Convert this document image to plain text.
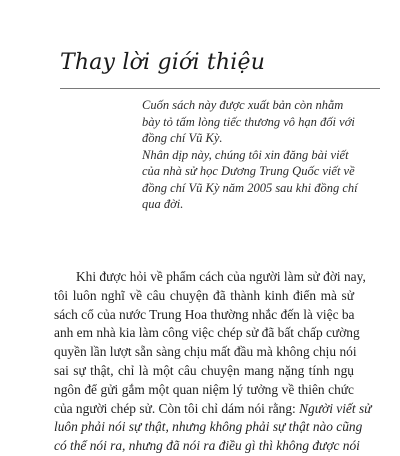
Thay lời giới thiệu
Cuốn sách này được xuất bản còn nhằm
bày tỏ tấm lòng tiếc thương vô hạn đối với
đồng chí Vũ Kỳ.
Nhân dịp này, chúng tôi xin đăng bài viết
của nhà sử học Dương Trung Quốc viết về
đồng chí Vũ Kỳ năm 2005 sau khi đồng chí
qua đời.
Khi được hỏi về phẩm cách của người làm sử đời nay,
tôi luôn nghĩ về câu chuyện đã thành kinh điển mà sử
sách cổ của nước Trung Hoa thường nhắc đến là việc ba
anh em nhà kia làm công việc chép sử đã bất chấp cường
quyền lần lượt sẵn sàng chịu mất đầu mà không chịu nói
sai sự thật, chỉ là một câu chuyện mang nặng tính ngụ
ngôn để gửi gắm một quan niệm lý tưởng về thiên chức
của người chép sử. Còn tôi chỉ dám nói rằng: Người viết sử
luôn phải nói sự thật, nhưng không phải sự thật nào cũng
có thể nói ra, nhưng đã nói ra điều gì thì không được nói
